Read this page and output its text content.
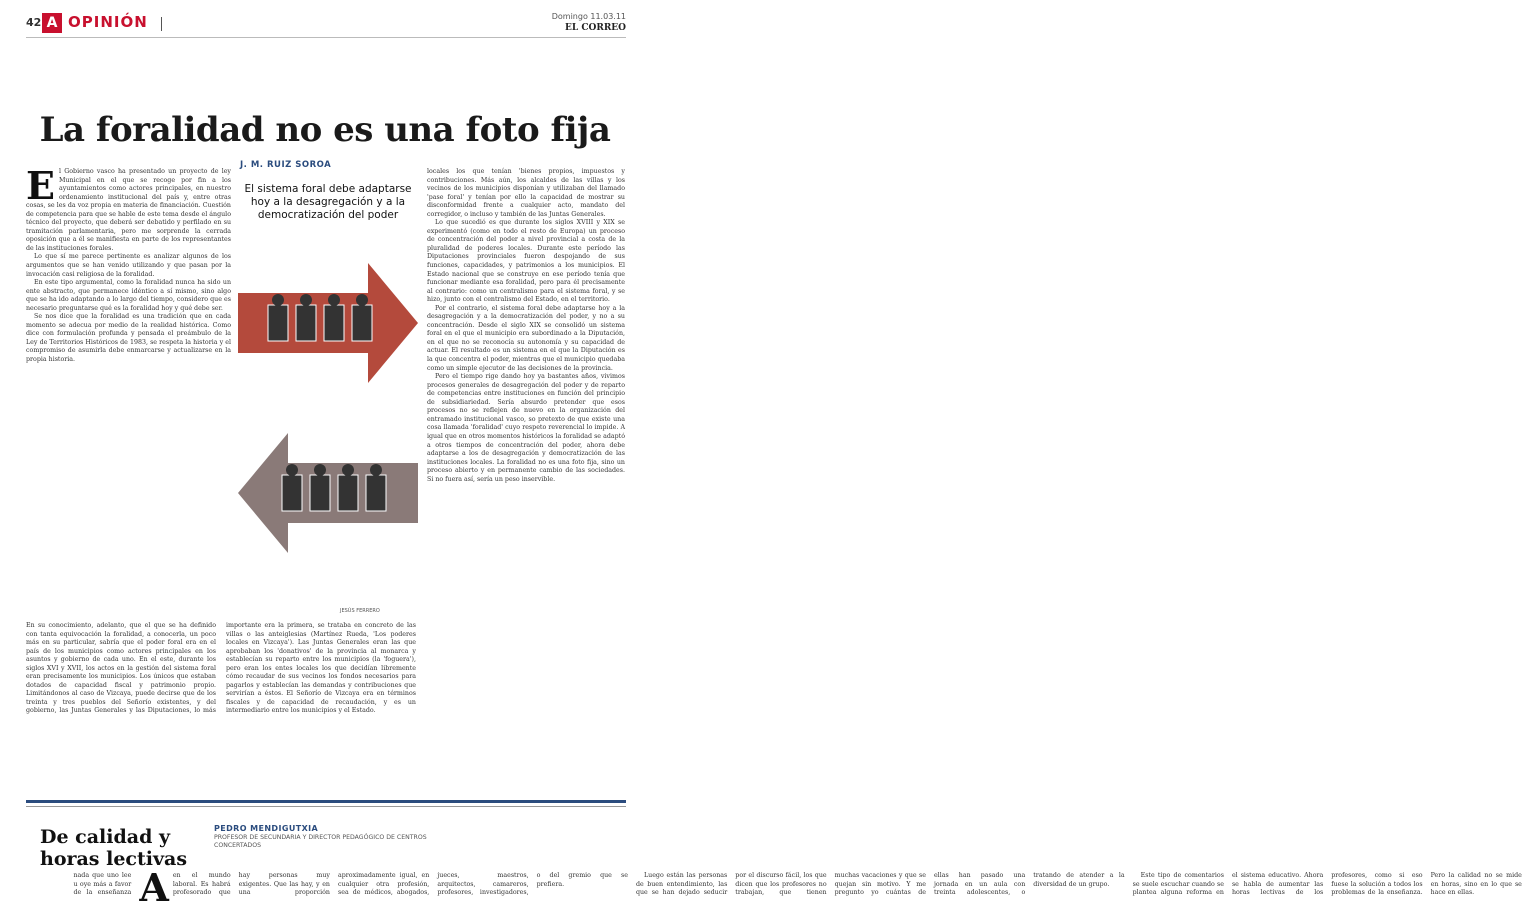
42 A OPINIÓN	Domingo 11.03.11
EL CORREO
La foralidad no es una foto fija

El Gobierno vasco ha presentado un proyecto de ley Municipal en el que se recoge por fin a los ayuntamientos como actores principales, en nuestro ordenamiento institucional del país y, entre otras cosas, se les da voz propia en materia de financiación. Cuestión de competencia para que se hable de este tema desde el ángulo técnico del proyecto, que deberá ser debatido y perfilado en su tramitación parlamentaria, pero me sorprende la cerrada oposición que a él se manifiesta en parte de los representantes de las instituciones forales.

Lo que sí me parece pertinente es analizar algunos de los argumentos que se han venido utilizando y que pasan por la invocación casi religiosa de la foralidad.

En este tipo argumental, como la foralidad nunca ha sido un ente abstracto, que permanece idéntico a sí mismo, sino algo que se ha ido adaptando a lo largo del tiempo, considero que es necesario preguntarse qué es la foralidad hoy y qué debe ser.

Se nos dice que la foralidad es una tradición que en cada momento se adecua por medio de la realidad histórica. Como dice con formulación profunda y pensada el preámbulo de la Ley de Territorios Históricos de 1983, se respeta la historia y el compromiso de asumirla debe enmarcarse y actualizarse en la propia historia.

J. M. RUIZ SOROA
El sistema foral debe adaptarse hoy a la desagregación y a la democratización del poder
JESÚS FERRERO

En su conocimiento, adelanto, que el que se ha definido con tanta equivocación la foralidad, a conocerla, un poco más en su particular, sabría que el poder foral era en el país de los municipios como actores principales en los asuntos y gobierno de cada uno. En el este, durante los siglos XVI y XVII, los actos en la gestión del sistema foral eran precisamente los municipios. Los únicos que estaban dotados de capacidad fiscal y patrimonio propio. Limitándonos al caso de Vizcaya, puede decirse que de los treinta y tres pueblos del Señorío existentes, y del gobierno, las Juntas Generales y las Diputaciones, lo más importante era la primera, se trataba en concreto de las villas o las anteiglesias (Martínez Rueda, 'Los poderes locales en Vizcaya'). Las Juntas Generales eran las que aprobaban los 'donativos' de la provincia al monarca y establecían su reparto entre los municipios (la 'foguera'), pero eran los entes locales los que decidían libremente cómo recaudar de sus vecinos los fondos necesarios para pagarlos y establecían las demandas y contribuciones que servirían a éstos. El Señorío de Vizcaya era en términos fiscales y de capacidad de recaudación, y es un intermediario entre los municipios y el Estado.

locales los que tenían 'bienes propios, impuestos y contribuciones. Más aún, los alcaldes de las villas y los vecinos de los municipios disponían y utilizaban del llamado 'pase foral' y tenían por ello la capacidad de mostrar su disconformidad frente a cualquier acto, mandato del corregidor, o incluso y también de las Juntas Generales.

Lo que sucedió es que durante los siglos XVIII y XIX se experimentó (como en todo el resto de Europa) un proceso de concentración del poder a nivel provincial a costa de la pluralidad de poderes locales. Durante este período las Diputaciones provinciales fueron despojando de sus funciones, capacidades, y patrimonios a los municipios. El Estado nacional que se construye en ese período tenía que funcionar mediante esa foralidad, pero para él precisamente al contrario: como un centralismo para el sistema foral, y se hizo, junto con el centralismo del Estado, en el territorio.

Por el contrario, el sistema foral debe adaptarse hoy a la desagregación y a la democratización del poder, y no a su concentración. Desde el siglo XIX se consolidó un sistema foral en el que el municipio era subordinado a la Diputación, en el que no se reconocía su autonomía y su capacidad de actuar. El resultado es un sistema en el que la Diputación es la que concentra el poder, mientras que el municipio quedaba como un simple ejecutor de las decisiones de la provincia.

Pero el tiempo rige dando hoy ya bastantes años, vivimos procesos generales de desagregación del poder y de reparto de competencias entre instituciones en función del principio de subsidiariedad. Sería absurdo pretender que esos procesos no se reflejen de nuevo en la organización del entramado institucional vasco, so pretexto de que existe una cosa llamada 'foralidad' cuyo respeto reverencial lo impide. A igual que en otros momentos históricos la foralidad se adaptó a otros tiempos de concentración del poder, ahora debe adaptarse a los de desagregación y democratización de las instituciones locales. La foralidad no es una foto fija, sino un proceso abierto y en permanente cambio de las sociedades. Si no fuera así, sería un peso inservible.

De calidad y horas lectivas
PEDRO MENDIGUTXIA
PROFESOR DE SECUNDARIA Y DIRECTOR PEDAGÓGICO DE CENTROS CONCERTADOS

A
nada que uno lee u oye más a favor de la enseñanza en el mundo laboral. Es habrá profesorado que hay personas muy exigentes. Que las hay, y en una proporción aproximadamente igual, en cualquier otra profesión, sea de médicos, abogados, jueces, maestros, arquitectos, camareros, profesores, investigadores, o del gremio que se prefiera.

Luego están las personas de buen entendimiento, las que se han dejado seducir por el discurso fácil, los que dicen que los profesores no trabajan, que tienen muchas vacaciones y que se quejan sin motivo. Y me pregunto yo cuántas de ellas han pasado una jornada en un aula con treinta adolescentes, o tratando de atender a la diversidad de un grupo.

Este tipo de comentarios se suele escuchar cuando se plantea alguna reforma en el sistema educativo. Ahora se habla de aumentar las horas lectivas de los profesores, como si eso fuese la solución a todos los problemas de la enseñanza. Pero la calidad no se mide en horas, sino en lo que se hace en ellas.
